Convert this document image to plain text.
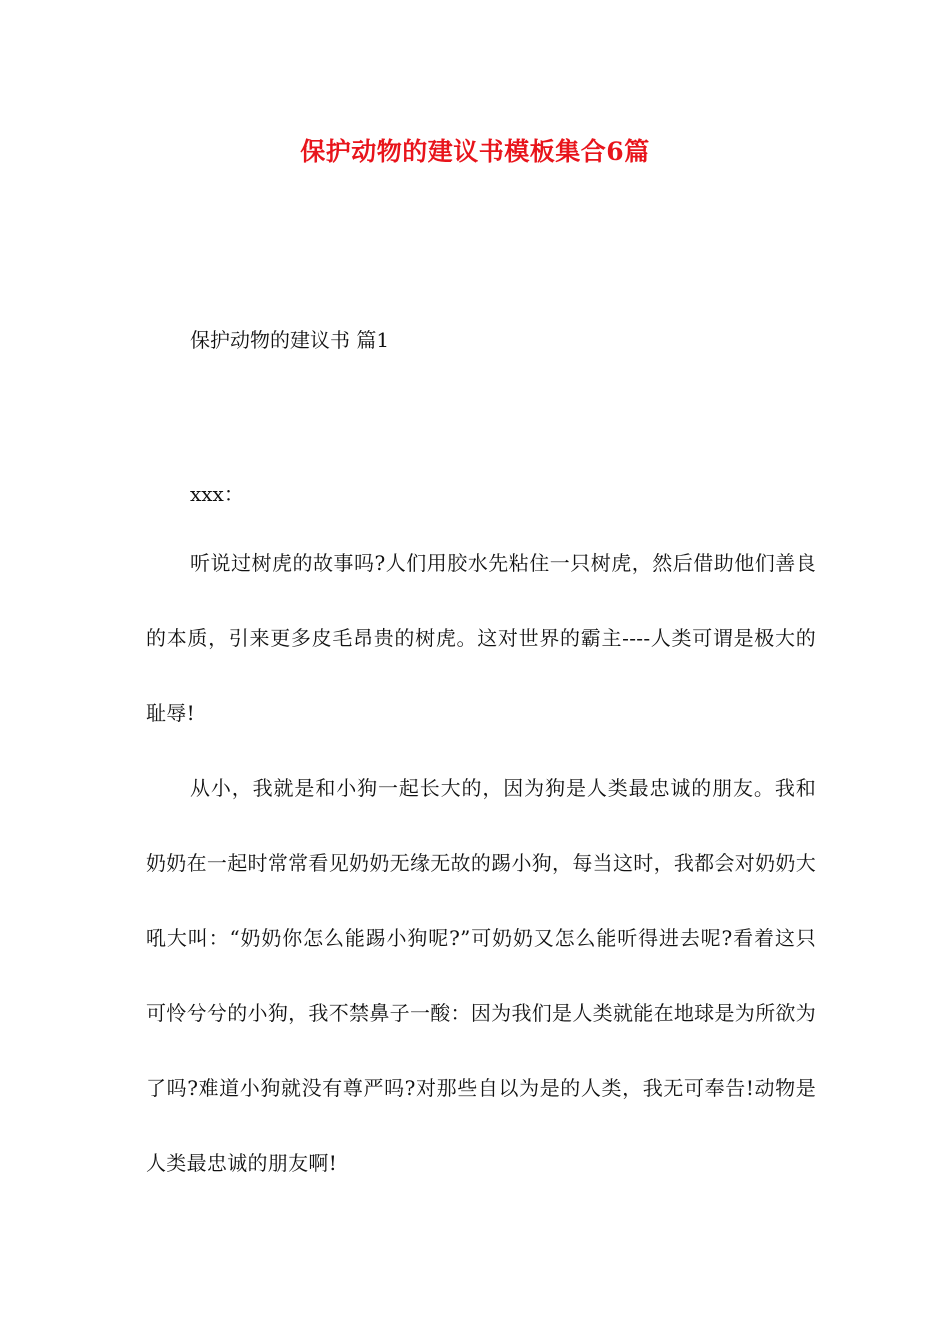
保护动物的建议书模板集合6篇
保护动物的建议书 篇1
xxx：

听说过树虎的故事吗?人们用胶水先粘住一只树虎，然后借助他们善良的本质，引来更多皮毛昂贵的树虎。这对世界的霸主----人类可谓是极大的耻辱!

从小，我就是和小狗一起长大的，因为狗是人类最忠诚的朋友。我和奶奶在一起时常常看见奶奶无缘无故的踢小狗，每当这时，我都会对奶奶大吼大叫：“奶奶你怎么能踢小狗呢?”可奶奶又怎么能听得进去呢?看着这只可怜兮兮的小狗，我不禁鼻子一酸：因为我们是人类就能在地球是为所欲为了吗?难道小狗就没有尊严吗?对那些自以为是的人类，我无可奉告!动物是人类最忠诚的朋友啊!
